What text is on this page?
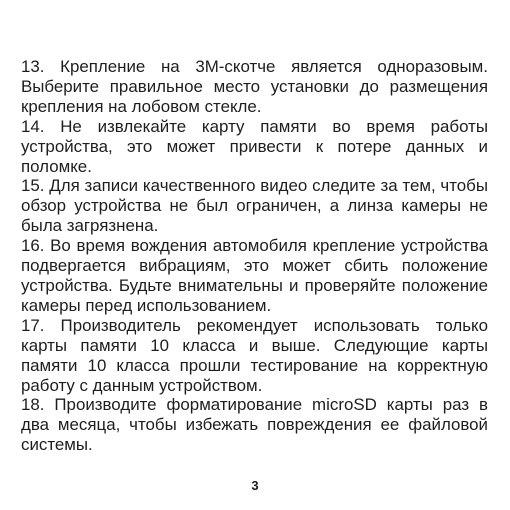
13. Крепление на 3М-скотче является одноразовым. Выберите правильное место установки до размещения крепления на лобовом стекле.

14. Не извлекайте карту памяти во время работы устройства, это может привести к потере данных и поломке.

15. Для записи качественного видео следите за тем, чтобы обзор устройства не был ограничен, а линза камеры не была загрязнена.

16. Во время вождения автомобиля крепление устройства подвергается вибрациям, это может сбить положение устройства. Будьте внимательны и проверяйте положение камеры перед использованием.

17. Производитель рекомендует использовать только карты памяти 10 класса и выше. Следующие карты памяти 10 класса прошли тестирование на корректную работу с данным устройством.

18. Производите форматирование microSD карты раз в два месяца, чтобы избежать повреждения ее файловой системы.

3
